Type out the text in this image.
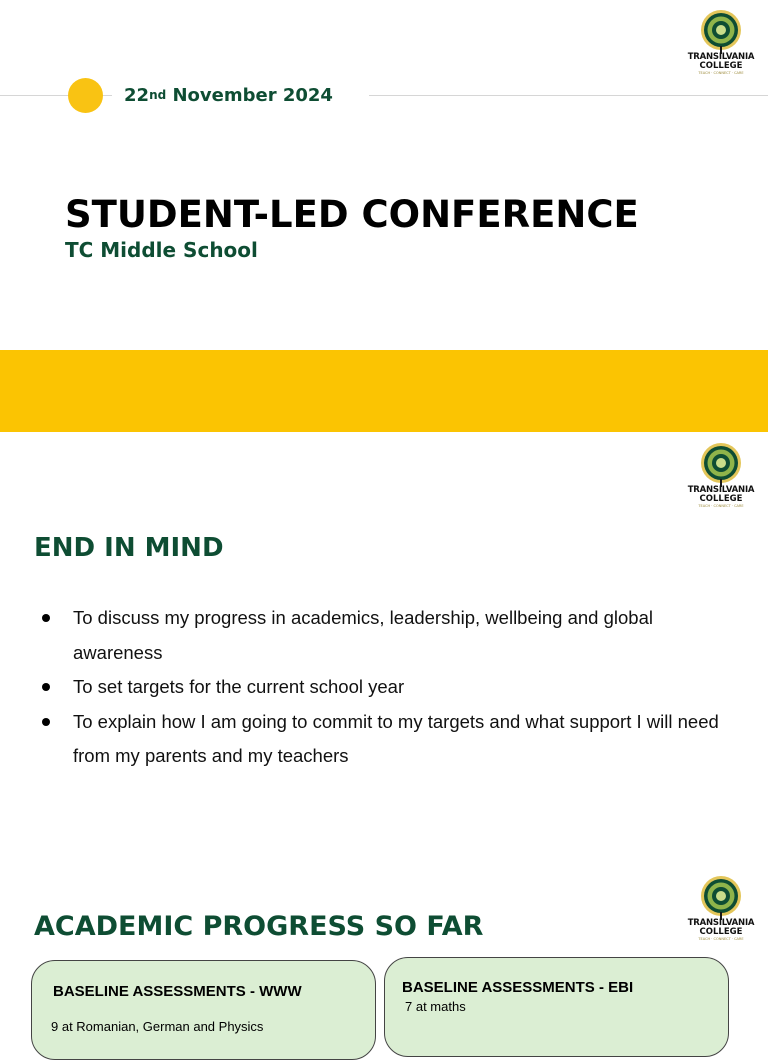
22nd November 2024
STUDENT-LED CONFERENCE
TC Middle School
TRANSILVANIA
COLLEGE
TEACH · CONNECT · CARE
TRANSILVANIA
COLLEGE
TEACH · CONNECT · CARE
END IN MIND
To discuss my progress in academics, leadership, wellbeing and global awareness
To set targets for the current school year
To explain how I am going to commit to my targets and what support I will need from my parents and my teachers
TRANSILVANIA
COLLEGE
TEACH · CONNECT · CARE
ACADEMIC PROGRESS SO FAR
BASELINE ASSESSMENTS - WWW
9 at Romanian, German and Physics
BASELINE ASSESSMENTS - EBI
7 at maths
